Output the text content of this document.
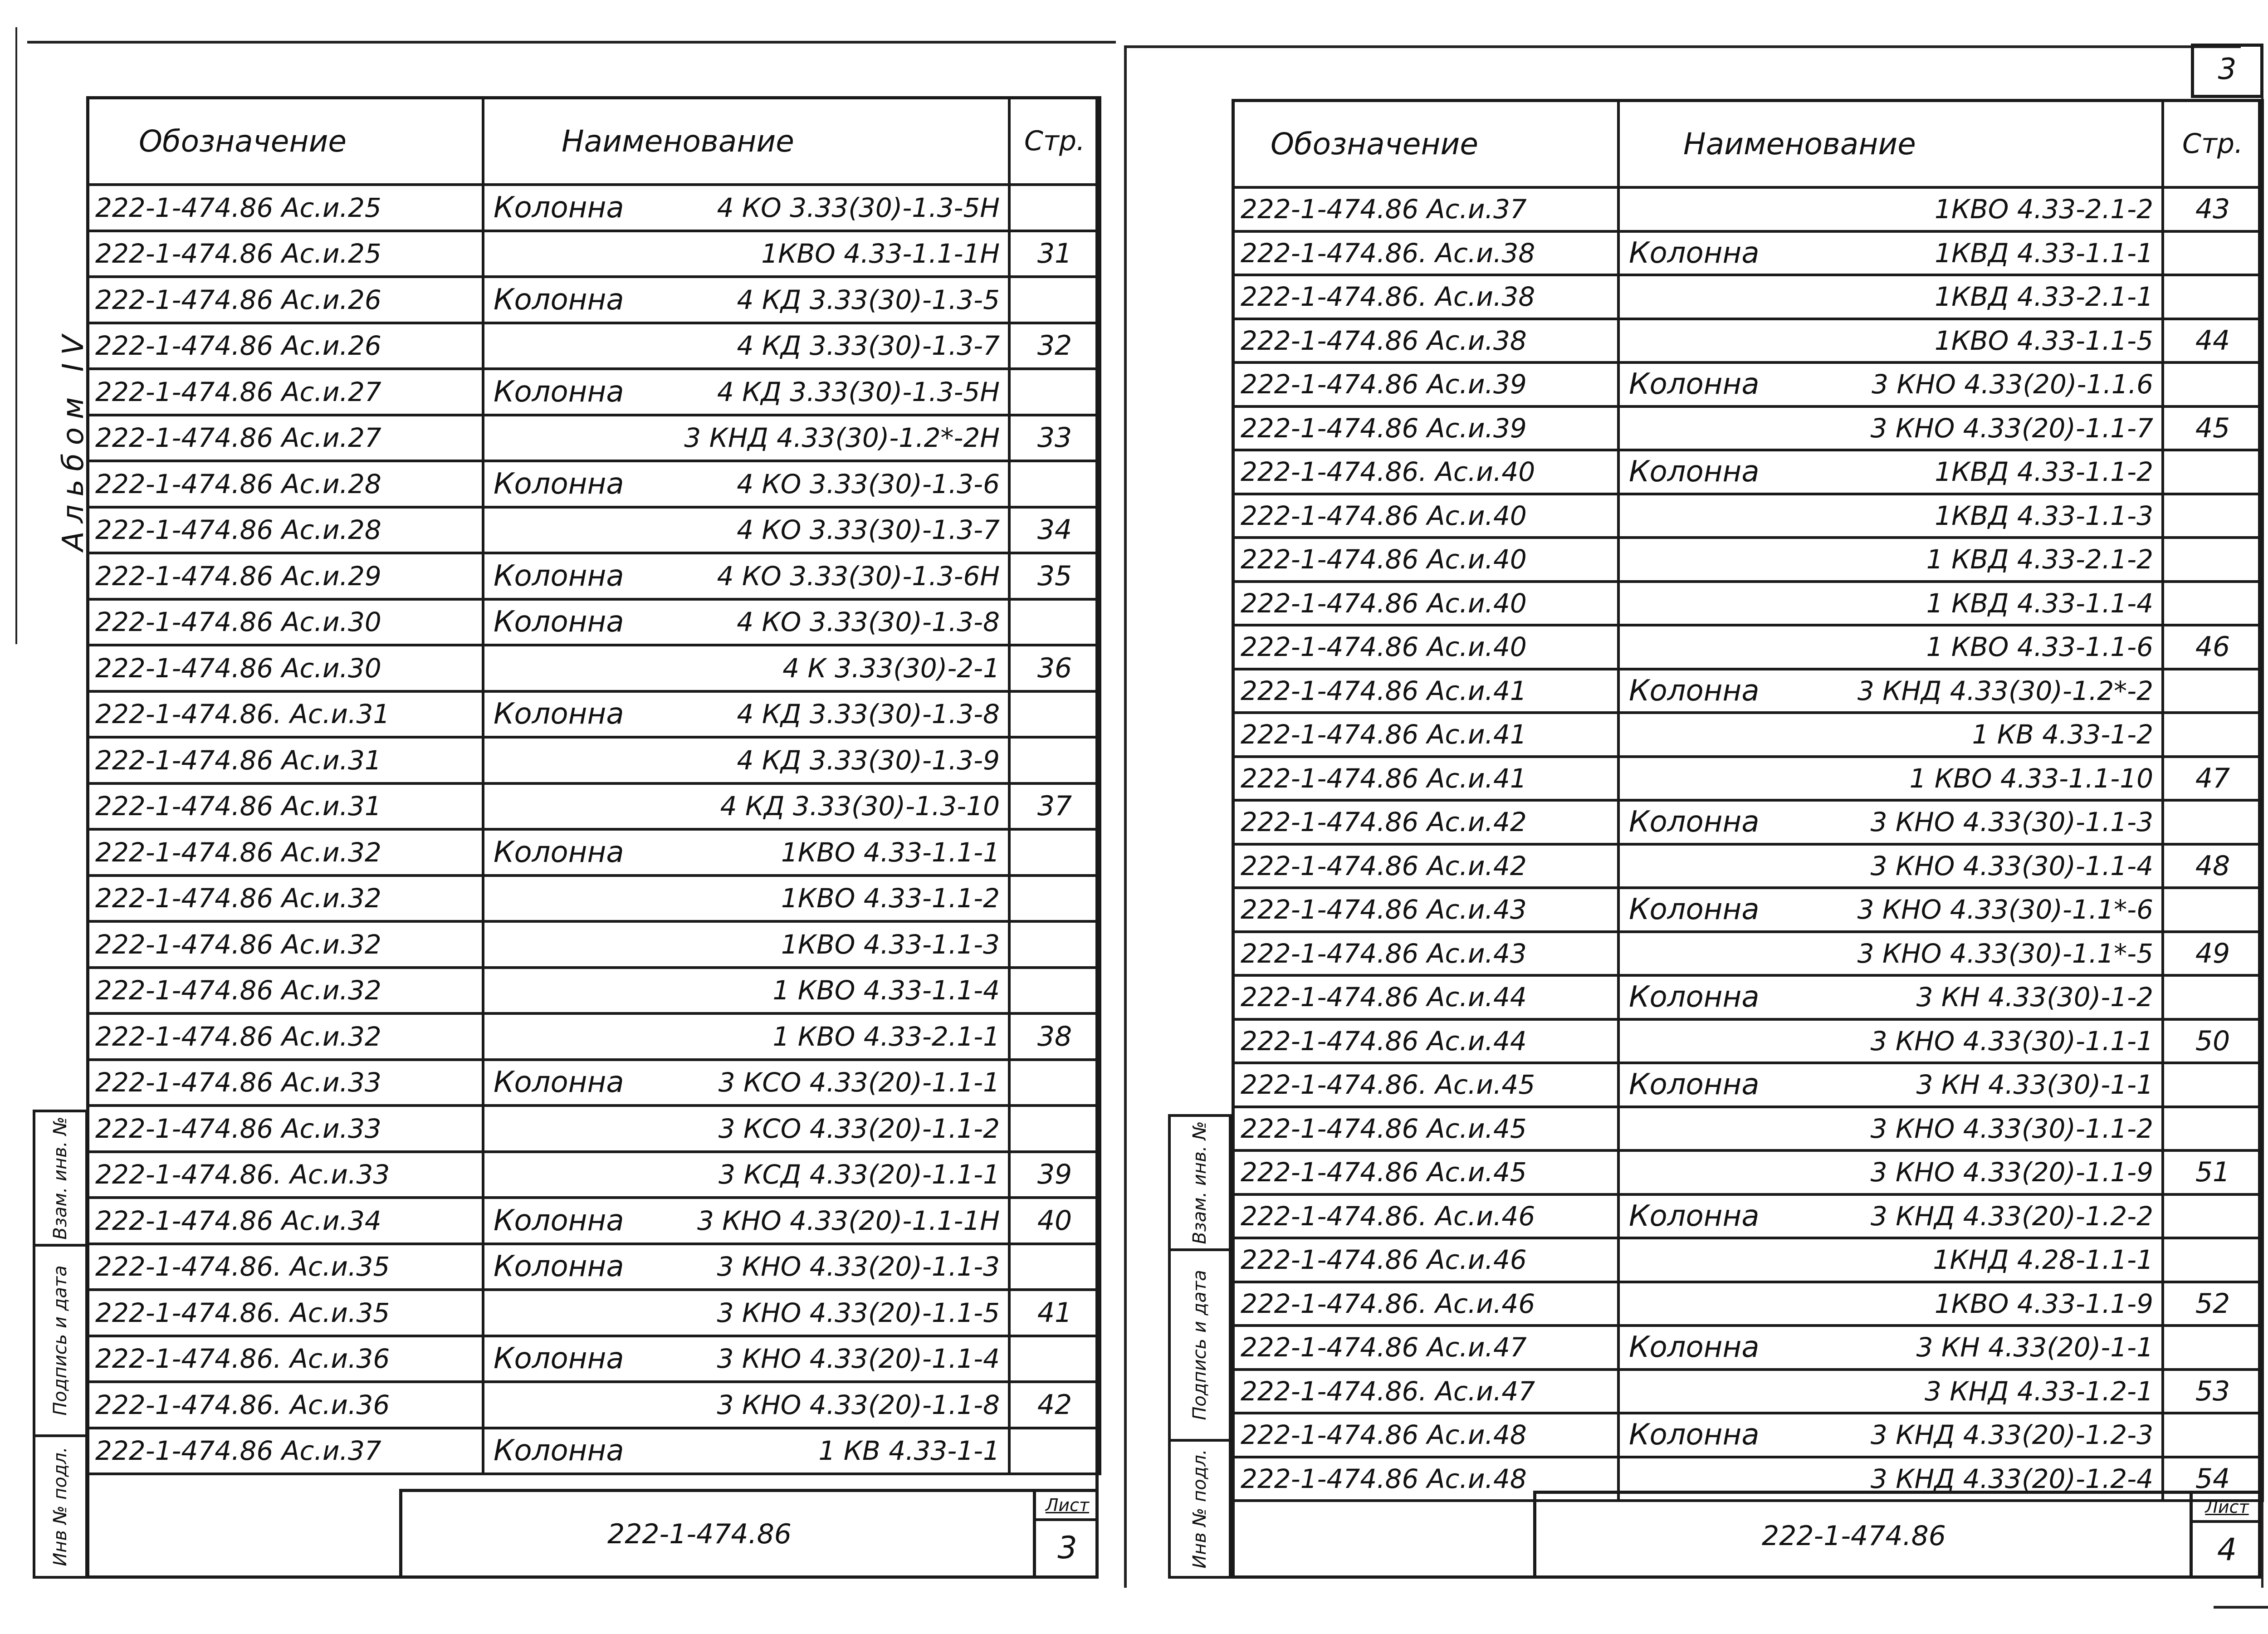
3
Альбом IV
Обозначение	Наименование	Стр.
222-1-474.86 Ас.и.25	Колонна 4 КО 3.33(30)-1.3-5Н	

222-1-474.86 Ас.и.25	1КВО 4.33-1.1-1Н	31
222-1-474.86 Ас.и.26	Колонна 4 КД 3.33(30)-1.3-5	

222-1-474.86 Ас.и.26	4 КД 3.33(30)-1.3-7	32
222-1-474.86 Ас.и.27	Колонна 4 КД 3.33(30)-1.3-5Н	

222-1-474.86 Ас.и.27	3 КНД 4.33(30)-1.2*-2Н	33
222-1-474.86 Ас.и.28	Колонна 4 КО 3.33(30)-1.3-6	

222-1-474.86 Ас.и.28	4 КО 3.33(30)-1.3-7	34
222-1-474.86 Ас.и.29	Колонна 4 КО 3.33(30)-1.3-6Н	35
222-1-474.86 Ас.и.30	Колонна 4 КО 3.33(30)-1.3-8	

222-1-474.86 Ас.и.30	4 К 3.33(30)-2-1	36
222-1-474.86. Ас.и.31	Колонна 4 КД 3.33(30)-1.3-8	

222-1-474.86 Ас.и.31	4 КД 3.33(30)-1.3-9	

222-1-474.86 Ас.и.31	4 КД 3.33(30)-1.3-10	37
222-1-474.86 Ас.и.32	Колонна 1КВО 4.33-1.1-1	

222-1-474.86 Ас.и.32	1КВО 4.33-1.1-2	

222-1-474.86 Ас.и.32	1КВО 4.33-1.1-3	

222-1-474.86 Ас.и.32	1 КВО 4.33-1.1-4	

222-1-474.86 Ас.и.32	1 КВО 4.33-2.1-1	38
222-1-474.86 Ас.и.33	Колонна 3 КСО 4.33(20)-1.1-1	

222-1-474.86 Ас.и.33	3 КСО 4.33(20)-1.1-2	

222-1-474.86. Ас.и.33	3 КСД 4.33(20)-1.1-1	39
222-1-474.86 Ас.и.34	Колонна 3 КНО 4.33(20)-1.1-1Н	40
222-1-474.86. Ас.и.35	Колонна 3 КНО 4.33(20)-1.1-3	

222-1-474.86. Ас.и.35	3 КНО 4.33(20)-1.1-5	41
222-1-474.86. Ас.и.36	Колонна 3 КНО 4.33(20)-1.1-4	

222-1-474.86. Ас.и.36	3 КНО 4.33(20)-1.1-8	42
222-1-474.86 Ас.и.37	Колонна 1 КВ 4.33-1-1	

222-1-474.86
Лист
3
Взам. инв. №
Подпись и дата
Инв № подл.
Обозначение	Наименование	Стр.
222-1-474.86 Ас.и.37	1КВО 4.33-2.1-2	43
222-1-474.86. Ас.и.38	Колонна 1КВД 4.33-1.1-1	

222-1-474.86. Ас.и.38	1КВД 4.33-2.1-1	

222-1-474.86 Ас.и.38	1КВО 4.33-1.1-5	44
222-1-474.86 Ас.и.39	Колонна 3 КНО 4.33(20)-1.1.6	

222-1-474.86 Ас.и.39	3 КНО 4.33(20)-1.1-7	45
222-1-474.86. Ас.и.40	Колонна 1КВД 4.33-1.1-2	

222-1-474.86 Ас.и.40	1КВД 4.33-1.1-3	

222-1-474.86 Ас.и.40	1 КВД 4.33-2.1-2	

222-1-474.86 Ас.и.40	1 КВД 4.33-1.1-4	

222-1-474.86 Ас.и.40	1 КВО 4.33-1.1-6	46
222-1-474.86 Ас.и.41	Колонна 3 КНД 4.33(30)-1.2*-2	

222-1-474.86 Ас.и.41	1 КВ 4.33-1-2	

222-1-474.86 Ас.и.41	1 КВО 4.33-1.1-10	47
222-1-474.86 Ас.и.42	Колонна 3 КНО 4.33(30)-1.1-3	

222-1-474.86 Ас.и.42	3 КНО 4.33(30)-1.1-4	48
222-1-474.86 Ас.и.43	Колонна 3 КНО 4.33(30)-1.1*-6	

222-1-474.86 Ас.и.43	3 КНО 4.33(30)-1.1*-5	49
222-1-474.86 Ас.и.44	Колонна 3 КН 4.33(30)-1-2	

222-1-474.86 Ас.и.44	3 КНО 4.33(30)-1.1-1	50
222-1-474.86. Ас.и.45	Колонна 3 КН 4.33(30)-1-1	

222-1-474.86 Ас.и.45	3 КНО 4.33(30)-1.1-2	

222-1-474.86 Ас.и.45	3 КНО 4.33(20)-1.1-9	51
222-1-474.86. Ас.и.46	Колонна 3 КНД 4.33(20)-1.2-2	

222-1-474.86 Ас.и.46	1КНД 4.28-1.1-1	

222-1-474.86. Ас.и.46	1КВО 4.33-1.1-9	52
222-1-474.86 Ас.и.47	Колонна 3 КН 4.33(20)-1-1	

222-1-474.86. Ас.и.47	3 КНД 4.33-1.2-1	53
222-1-474.86 Ас.и.48	Колонна 3 КНД 4.33(20)-1.2-3	

222-1-474.86 Ас.и.48	3 КНД 4.33(20)-1.2-4	54
222-1-474.86
Лист
4
Взам. инв. №
Подпись и дата
Инв № подл.
